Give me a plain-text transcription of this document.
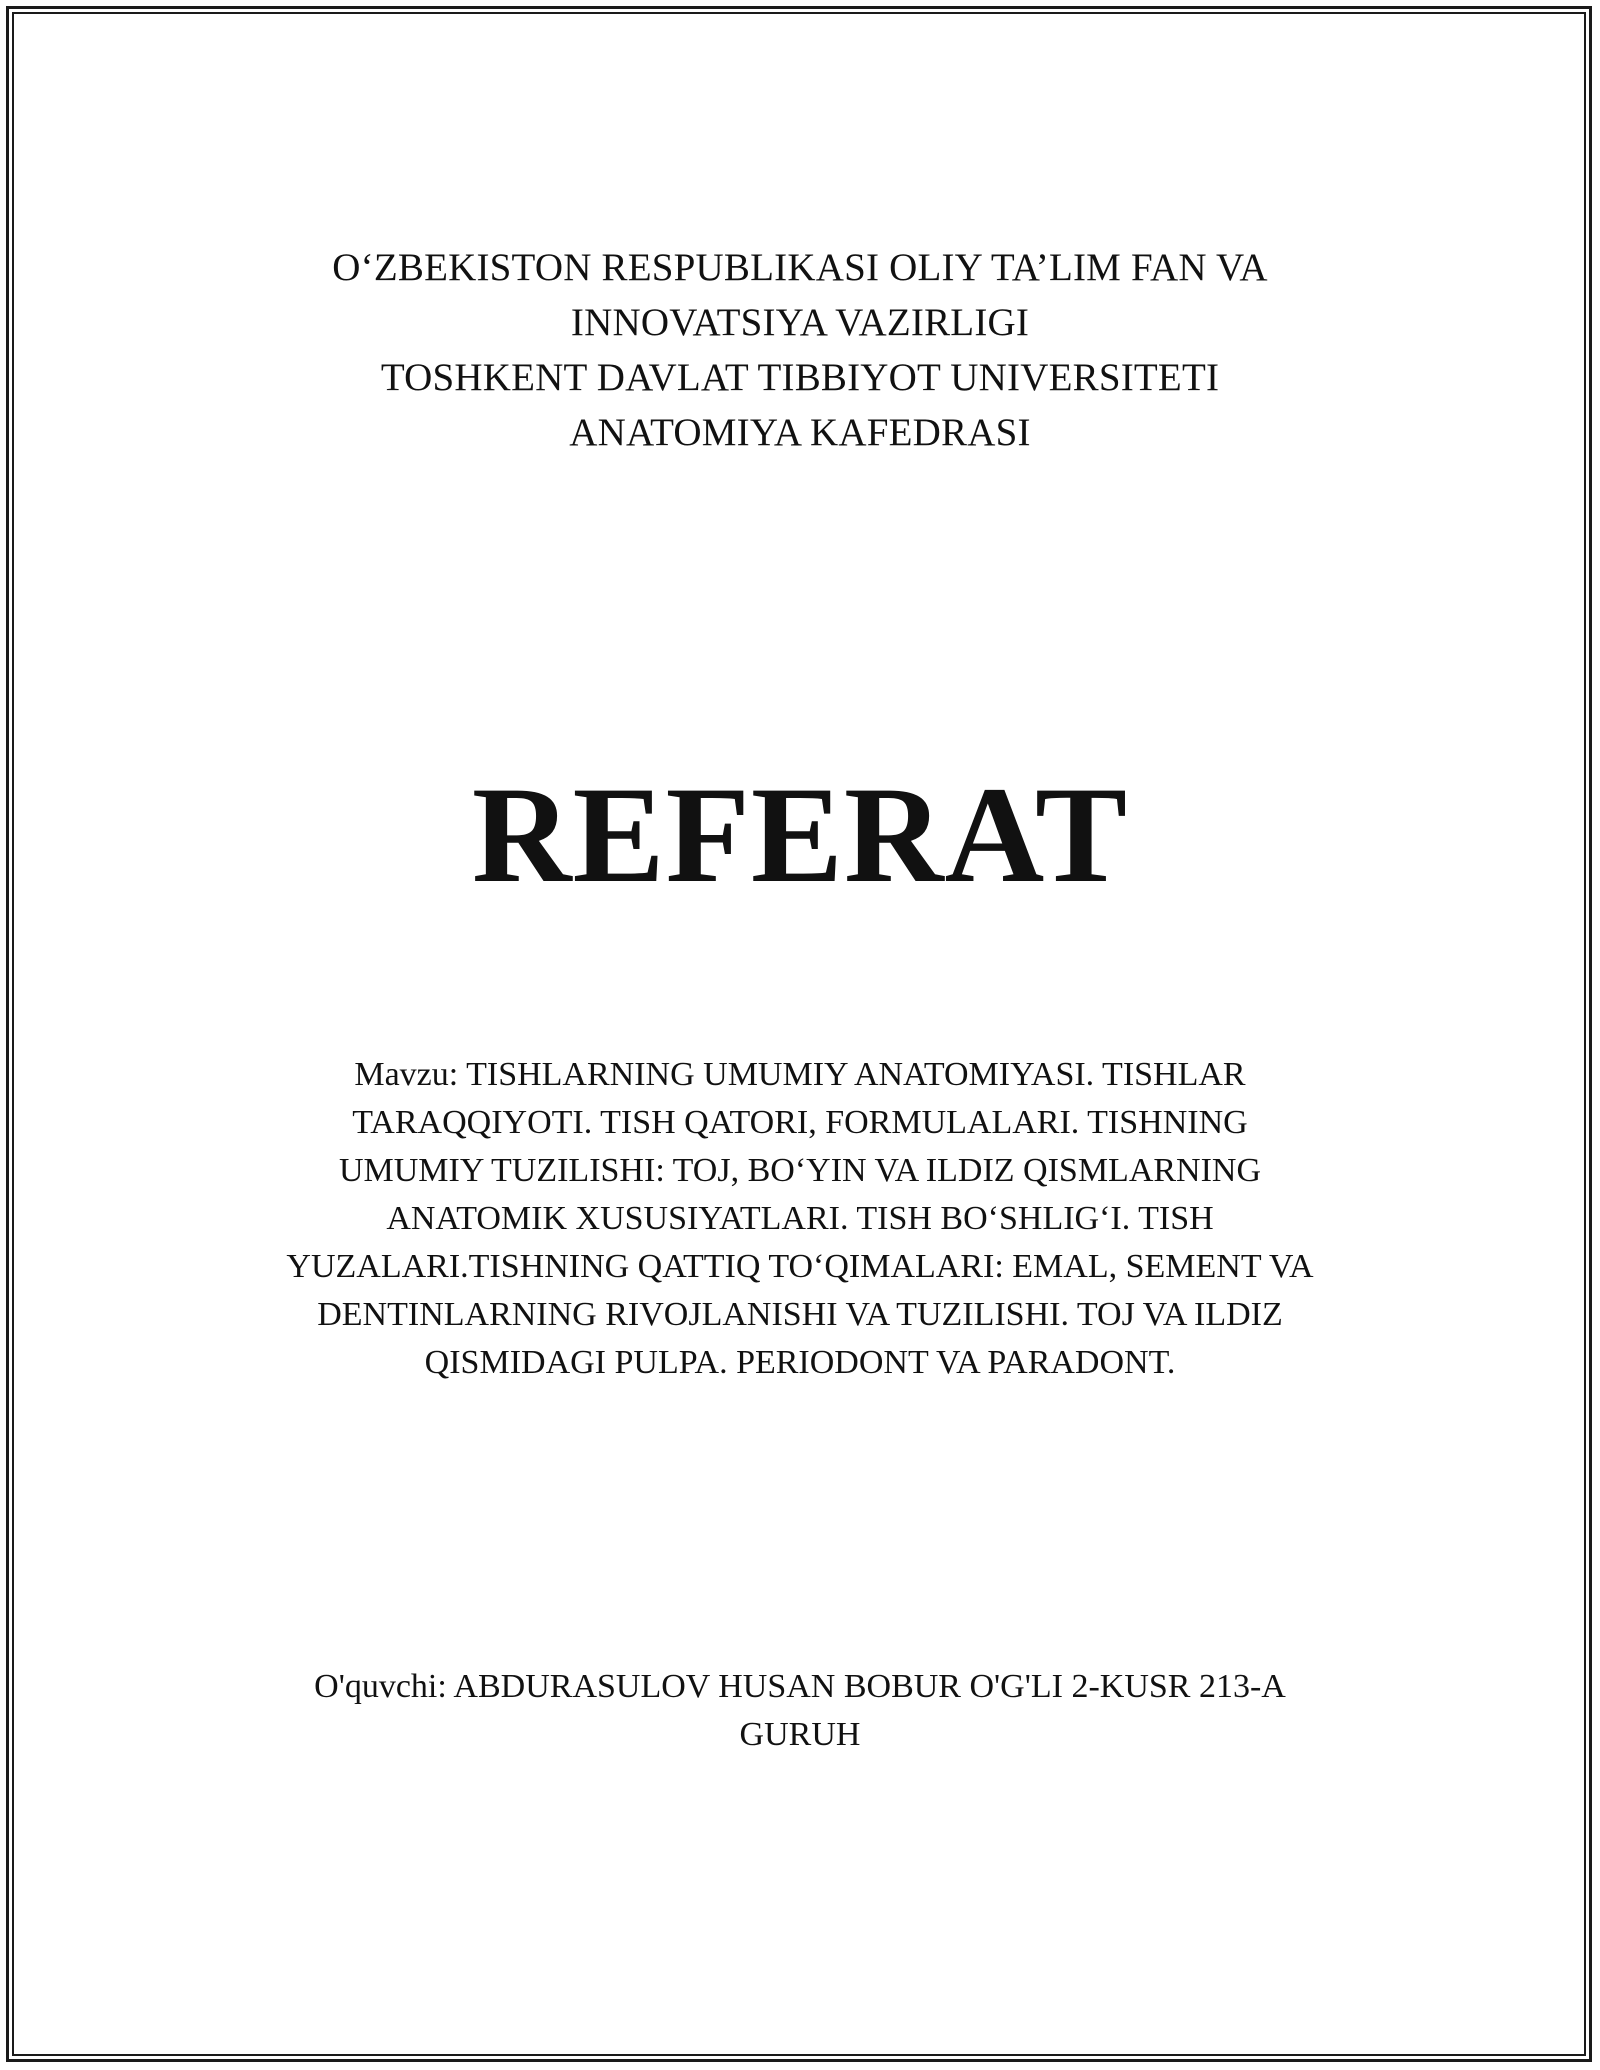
O‘ZBEKISTON RESPUBLIKASI OLIY TA’LIM FAN VA
INNOVATSIYA VAZIRLIGI
TOSHKENT DAVLAT TIBBIYOT UNIVERSITETI
ANATOMIYA KAFEDRASI
REFERAT
Mavzu: TISHLARNING UMUMIY ANATOMIYASI. TISHLAR
TARAQQIYOTI. TISH QATORI, FORMULALARI. TISHNING
UMUMIY TUZILISHI: TOJ, BO‘YIN VA ILDIZ QISMLARNING
ANATOMIK XUSUSIYATLARI. TISH BO‘SHLIG‘I. TISH
YUZALARI.TISHNING QATTIQ TO‘QIMALARI: EMAL, SEMENT VA
DENTINLARNING RIVOJLANISHI VA TUZILISHI. TOJ VA ILDIZ
QISMIDAGI PULPA. PERIODONT VA PARADONT.
O'quvchi: ABDURASULOV HUSAN BOBUR O'G'LI 2-KUSR 213-A
GURUH
